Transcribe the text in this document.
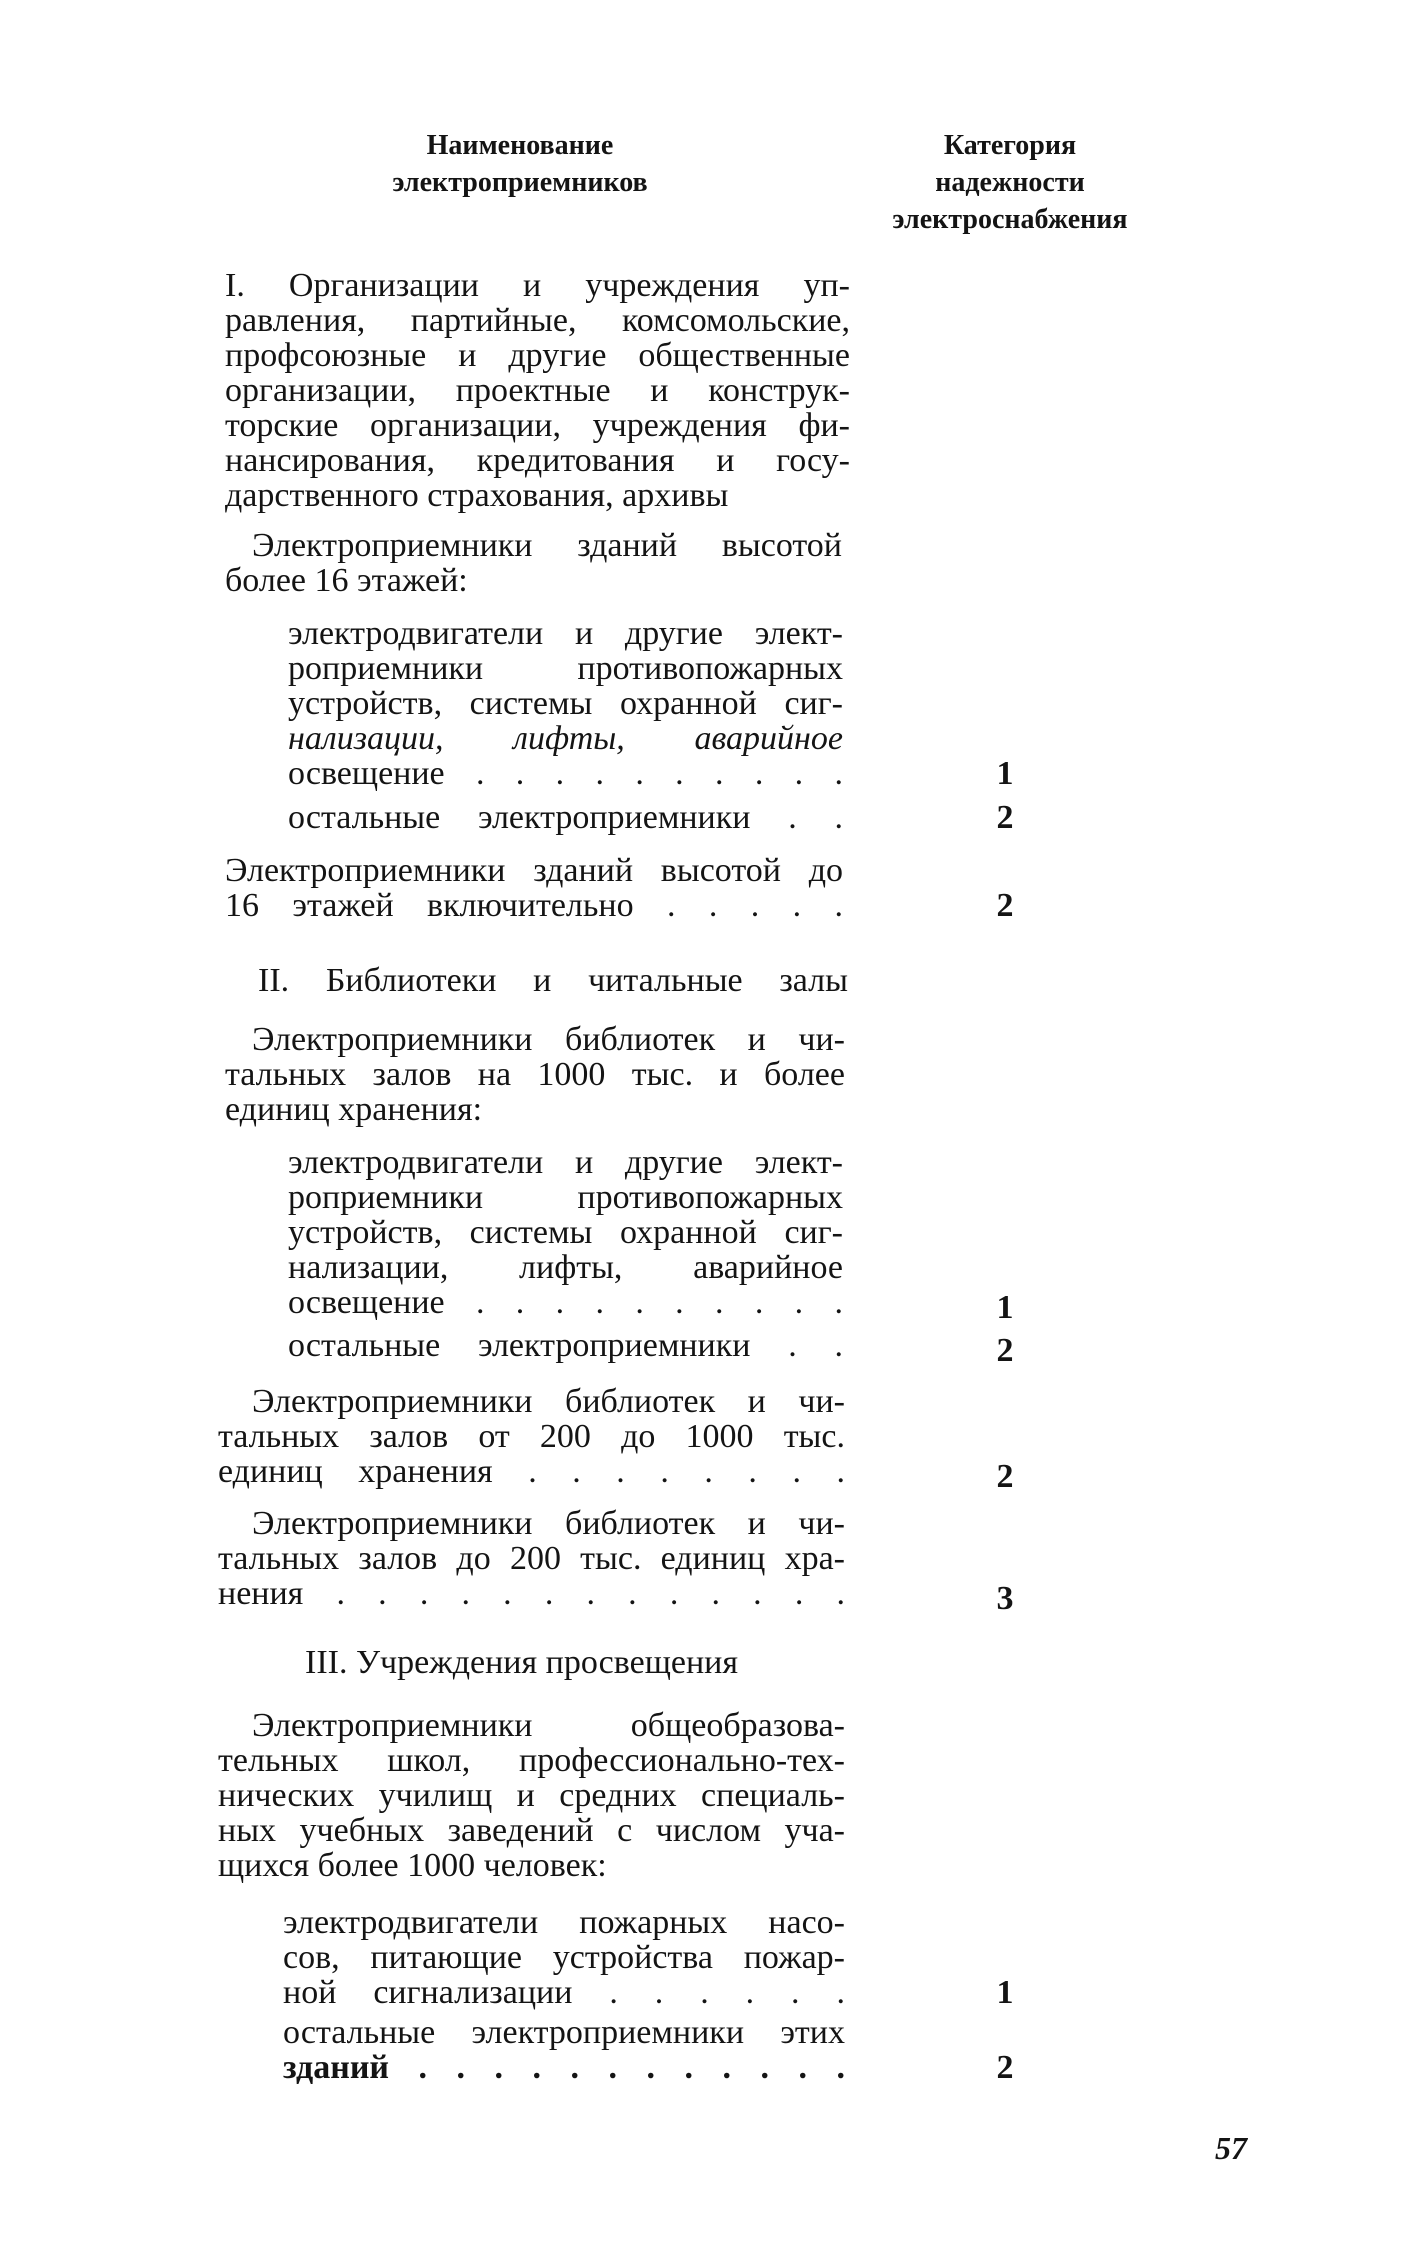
Наименование
электроприемников
Категория
надежности
электроснабжения
I. Организации и учреждения уп-
равления, партийные, комсомольские,
профсоюзные и другие общественные
организации, проектные и конструк-
торские организации, учреждения фи-
нансирования, кредитования и госу-
дарственного страхования, архивы
Электроприемники зданий высотой
более 16 этажей:
электродвигатели и другие элект-
роприемники противопожарных
устройств, системы охранной сиг-
нализации, лифты, аварийное
освещение . . . . . . . . . .	1
остальные электроприемники . .	2
Электроприемники зданий высотой до
16 этажей включительно . . . . .	2
II. Библиотеки и читальные залы
Электроприемники библиотек и чи-
тальных залов на 1000 тыс. и более
единиц хранения:
электродвигатели и другие элект-
роприемники противопожарных
устройств, системы охранной сиг-
нализации, лифты, аварийное
освещение . . . . . . . . . .	1
остальные электроприемники . .	2
Электроприемники библиотек и чи-
тальных залов от 200 до 1000 тыс.
единиц хранения . . . . . . . .	2
Электроприемники библиотек и чи-
тальных залов до 200 тыс. единиц хра-
нения . . . . . . . . . . . . .	3
III. Учреждения просвещения
Электроприемники общеобразова-
тельных школ, профессионально-тех-
нических училищ и средних специаль-
ных учебных заведений с числом уча-
щихся более 1000 человек:
электродвигатели пожарных насо-
сов, питающие устройства пожар-
ной сигнализации . . . . . .	1
остальные электроприемники этих
зданий . . . . . . . . . . . .	2
57
